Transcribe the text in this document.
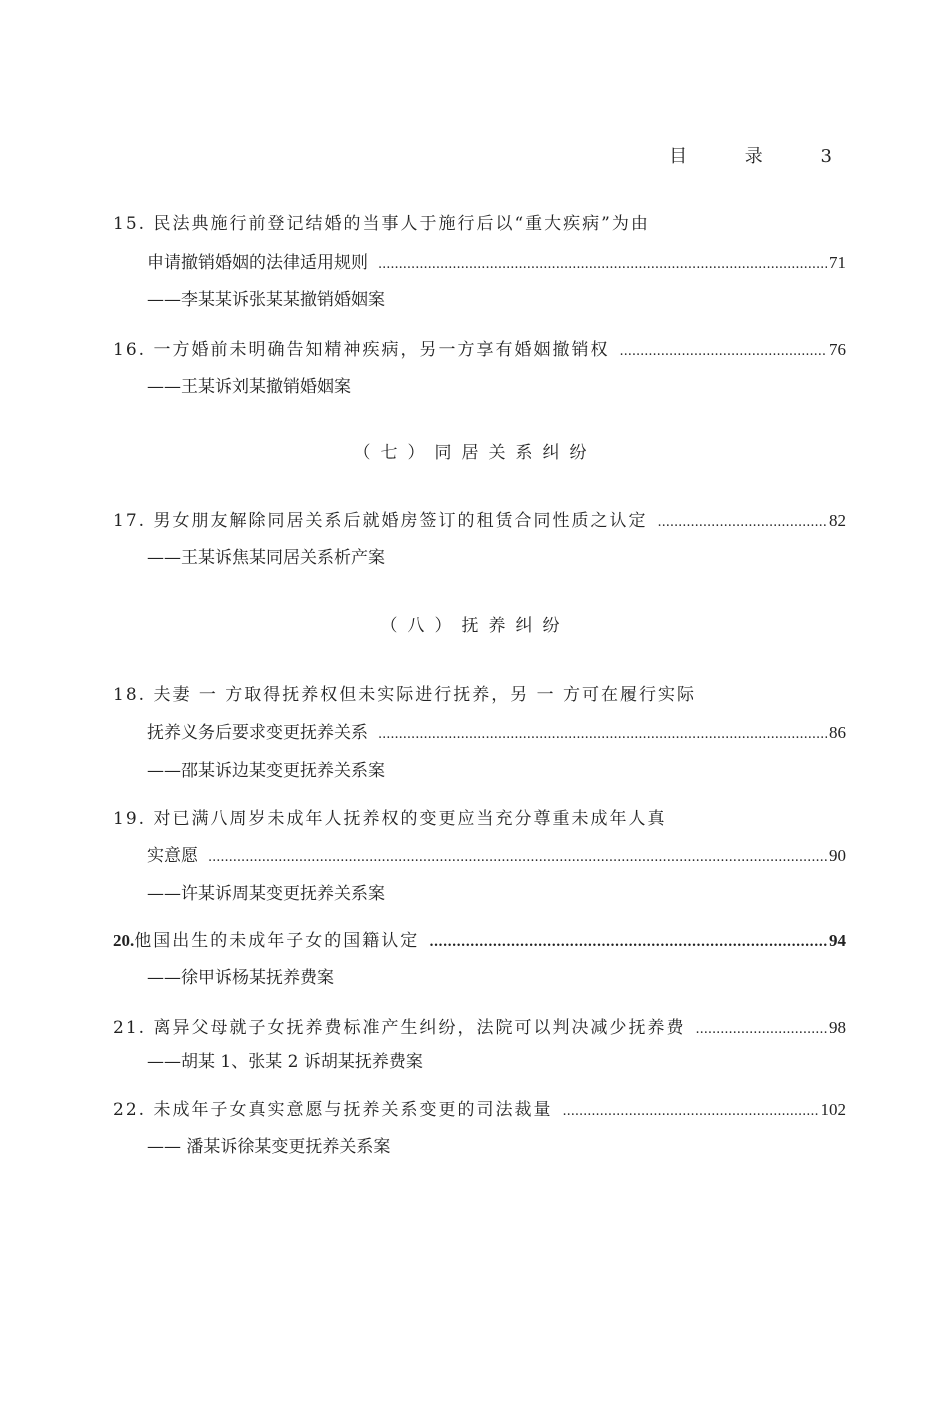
目 录 3
15. 民法典施行前登记结婚的当事人于施行后以“重大疾病”为由
申请撤销婚姻的法律适用规则 .....	71
——李某某诉张某某撤销婚姻案
16. 一方婚前未明确告知精神疾病，另一方享有婚姻撤销权 .....	76
——王某诉刘某撤销婚姻案
（七）同居关系纠纷
17. 男女朋友解除同居关系后就婚房签订的租赁合同性质之认定 .....	82
——王某诉焦某同居关系析产案
（八）抚养纠纷
18. 夫妻 一 方取得抚养权但未实际进行抚养，另 一 方可在履行实际
抚养义务后要求变更抚养关系 .....	86
——邵某诉边某变更抚养关系案
19. 对已满八周岁未成年人抚养权的变更应当充分尊重未成年人真
实意愿 .....	90
——许某诉周某变更抚养关系案
20. 他国出生的未成年子女的国籍认定 .....	94
——徐甲诉杨某抚养费案
21. 离异父母就子女抚养费标准产生纠纷，法院可以判决减少抚养费 .....	98
——胡某 1、张某 2 诉胡某抚养费案
22. 未成年子女真实意愿与抚养关系变更的司法裁量 .....	102
—— 潘某诉徐某变更抚养关系案
